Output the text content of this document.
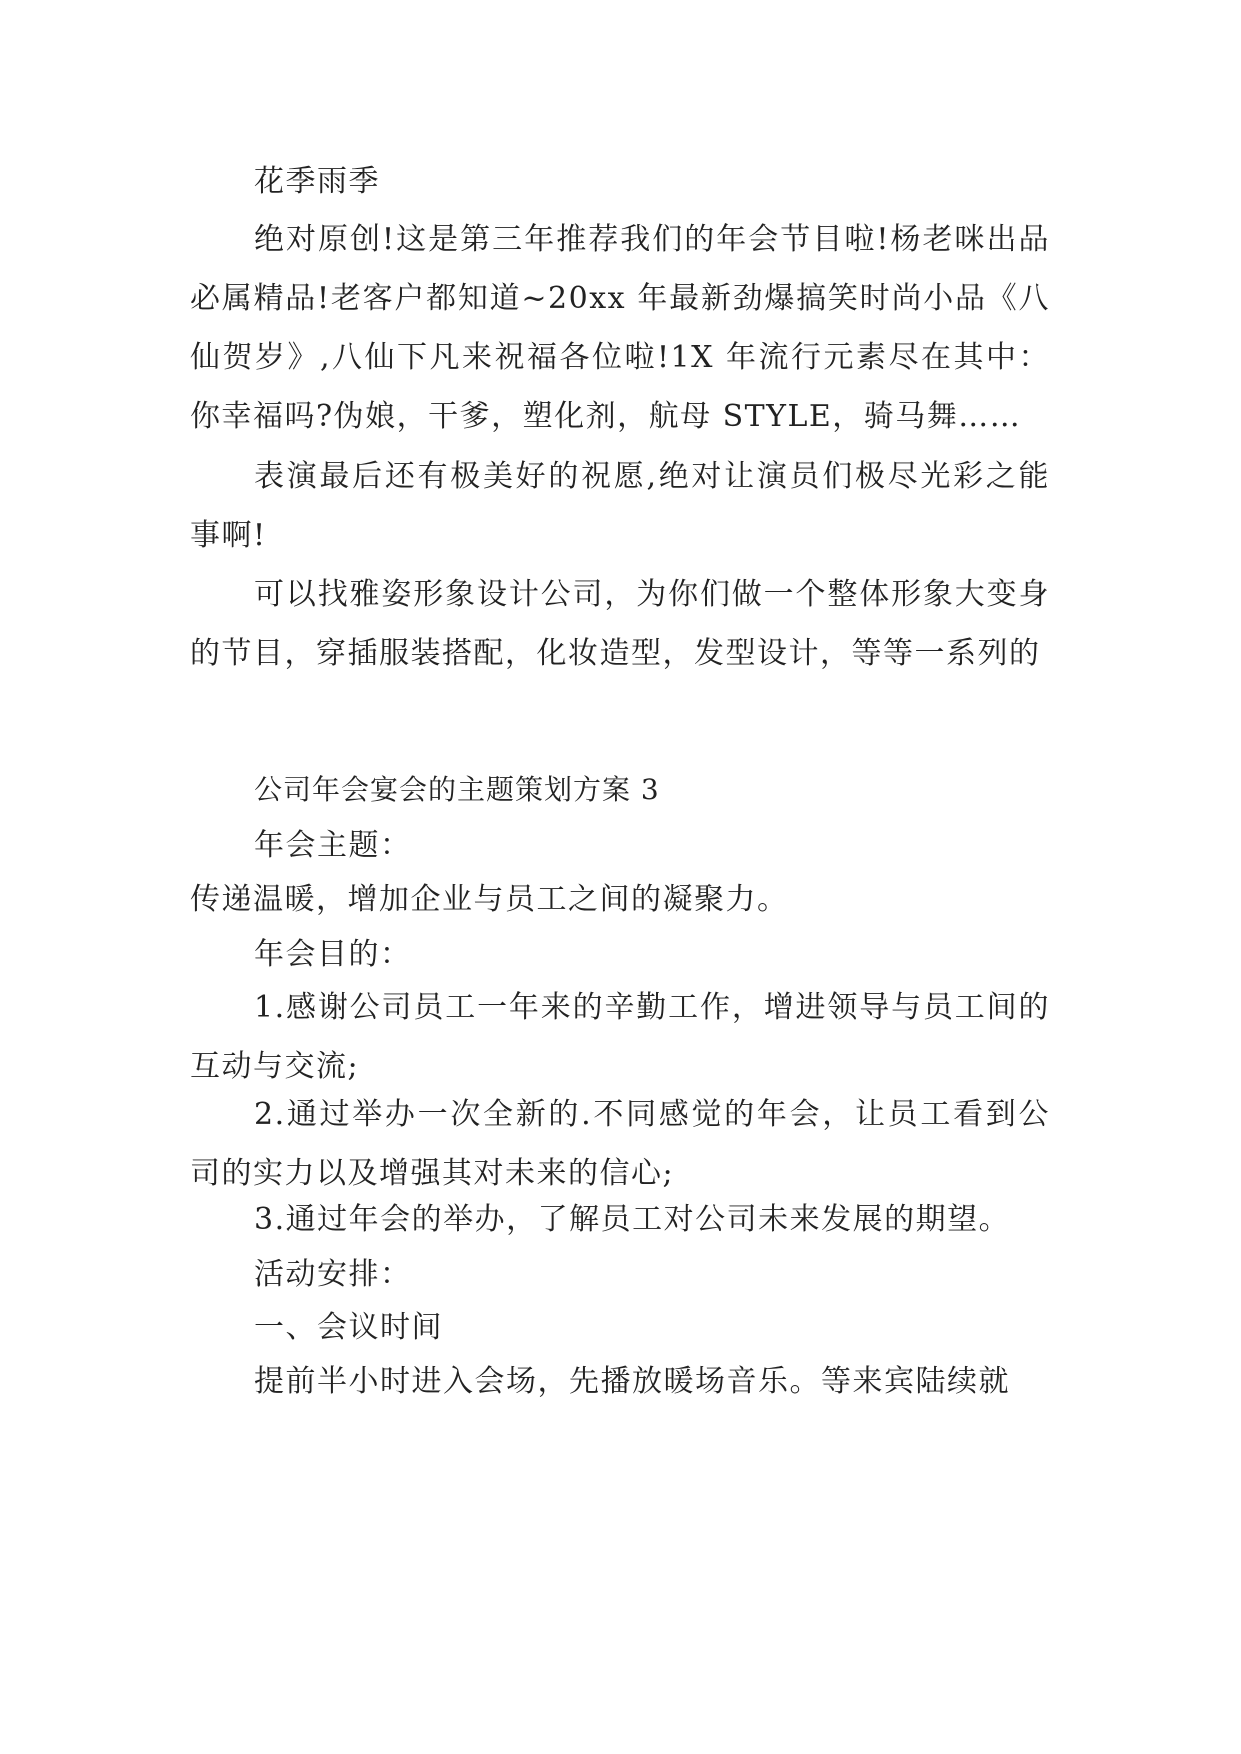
花季雨季
绝对原创!这是第三年推荐我们的年会节目啦!杨老咪出品必属精品!老客户都知道~20xx 年最新劲爆搞笑时尚小品《八仙贺岁》,八仙下凡来祝福各位啦!1X 年流行元素尽在其中：你幸福吗?伪娘，干爹，塑化剂，航母 STYLE，骑马舞……
表演最后还有极美好的祝愿,绝对让演员们极尽光彩之能事啊!
可以找雅姿形象设计公司，为你们做一个整体形象大变身的节目，穿插服装搭配，化妆造型，发型设计，等等一系列的
公司年会宴会的主题策划方案 3
年会主题：
传递温暖，增加企业与员工之间的凝聚力。
年会目的：
1.感谢公司员工一年来的辛勤工作，增进领导与员工间的互动与交流;
2.通过举办一次全新的.不同感觉的年会，让员工看到公司的实力以及增强其对未来的信心;
3.通过年会的举办，了解员工对公司未来发展的期望。
活动安排：
一、会议时间
提前半小时进入会场，先播放暖场音乐。等来宾陆续就
